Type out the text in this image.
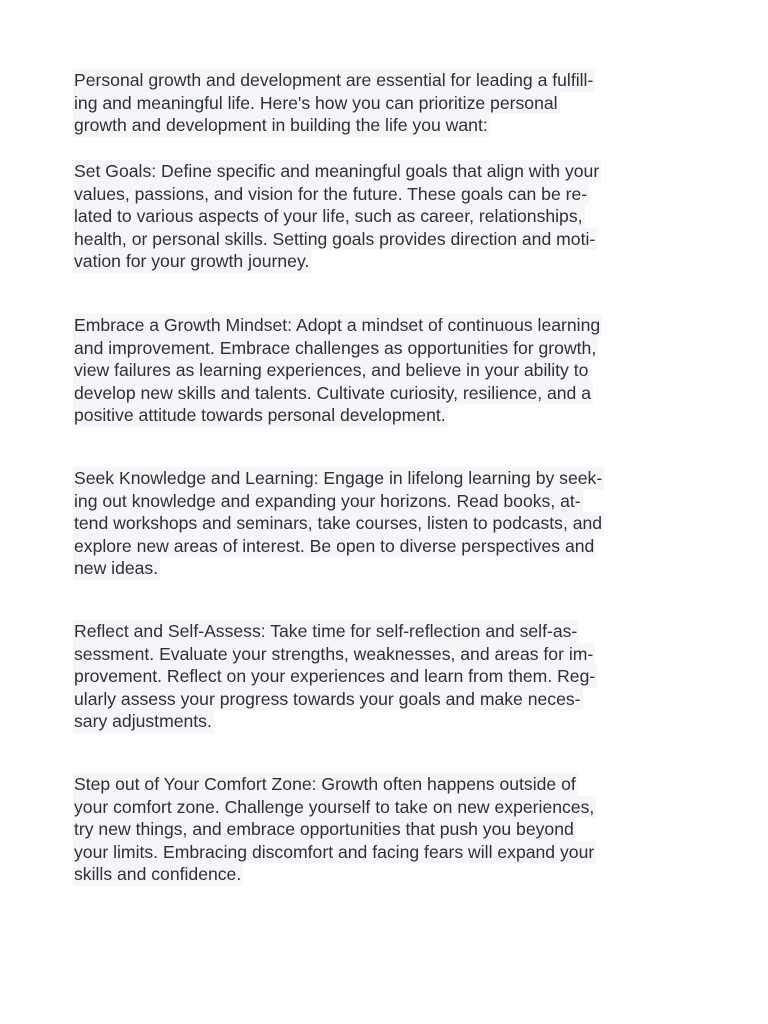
Personal growth and development are essential for leading a fulfill-
ing and meaningful life. Here's how you can prioritize personal
growth and development in building the life you want:
Set Goals: Define specific and meaningful goals that align with your
values, passions, and vision for the future. These goals can be re-
lated to various aspects of your life, such as career, relationships,
health, or personal skills. Setting goals provides direction and moti-
vation for your growth journey.
Embrace a Growth Mindset: Adopt a mindset of continuous learning
and improvement. Embrace challenges as opportunities for growth,
view failures as learning experiences, and believe in your ability to
develop new skills and talents. Cultivate curiosity, resilience, and a
positive attitude towards personal development.
Seek Knowledge and Learning: Engage in lifelong learning by seek-
ing out knowledge and expanding your horizons. Read books, at-
tend workshops and seminars, take courses, listen to podcasts, and
explore new areas of interest. Be open to diverse perspectives and
new ideas.
Reflect and Self-Assess: Take time for self-reflection and self-as-
sessment. Evaluate your strengths, weaknesses, and areas for im-
provement. Reflect on your experiences and learn from them. Reg-
ularly assess your progress towards your goals and make neces-
sary adjustments.
Step out of Your Comfort Zone: Growth often happens outside of
your comfort zone. Challenge yourself to take on new experiences,
try new things, and embrace opportunities that push you beyond
your limits. Embracing discomfort and facing fears will expand your
skills and confidence.
